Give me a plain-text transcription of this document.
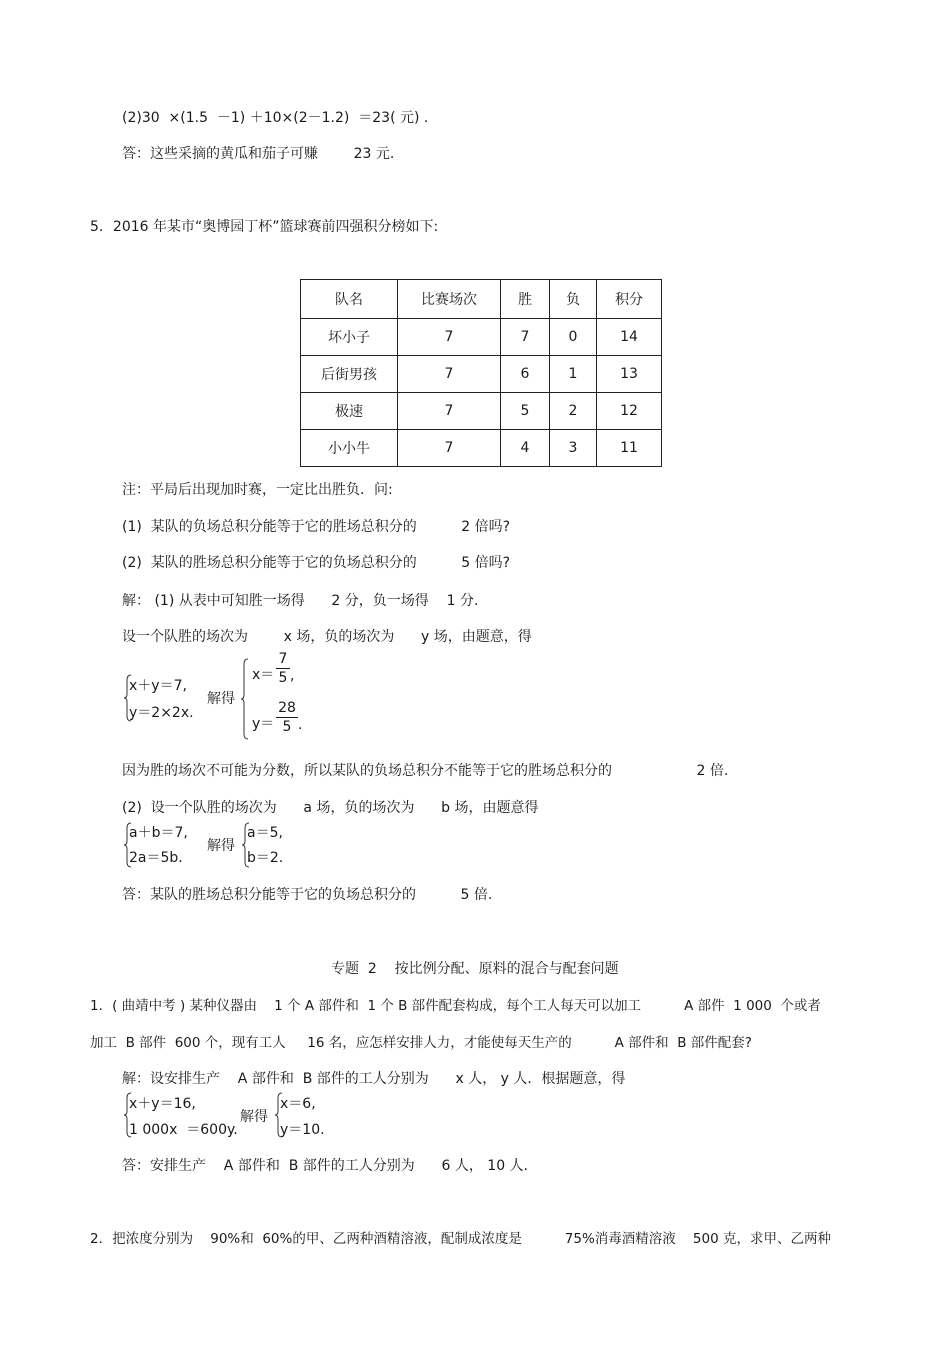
(2)30  ×(1.5  －1) ＋10×(2－1.2)  ＝23( 元) .
答：这些采摘的黄瓜和茄子可赚        23 元.
5．2016 年某市“奥博园丁杯”篮球赛前四强积分榜如下:
队名	比赛场次	胜	负	积分
坏小子	7	7	0	14
后街男孩	7	6	1	13
极速	7	5	2	12
小小牛	7	4	3	11
注：平局后出现加时赛，一定比出胜负．问:
(1)  某队的负场总积分能等于它的胜场总积分的          2 倍吗?
(2)  某队的胜场总积分能等于它的负场总积分的          5 倍吗?
解： (1) 从表中可知胜一场得      2 分，负一场得    1 分.
设一个队胜的场次为        x 场，负的场次为      y 场，由题意，得
x＋y＝7,
y＝2×2x.
解得
x＝
7
5 ,
y＝
28
5 .
因为胜的场次不可能为分数，所以某队的负场总积分不能等于它的胜场总积分的                   2 倍.
(2)  设一个队胜的场次为      a 场，负的场次为      b 场，由题意得
a＋b＝7,
2a＝5b.
解得
a＝5,
b＝2.
答：某队的胜场总积分能等于它的负场总积分的          5 倍.
专题  2    按比例分配、原料的混合与配套问题
1．( 曲靖中考 ) 某种仪器由    1 个 A 部件和  1 个 B 部件配套构成，每个工人每天可以加工          A 部件  1 000  个或者
加工  B 部件  600 个，现有工人     16 名，应怎样安排人力，才能使每天生产的          A 部件和  B 部件配套?
解：设安排生产    A 部件和  B 部件的工人分别为      x 人， y 人．根据题意，得
x＋y＝16,
1 000x  ＝600y.
解得
x＝6,
y＝10.
答：安排生产    A 部件和  B 部件的工人分别为      6 人， 10 人.
2．把浓度分别为    90%和  60%的甲、乙两种酒精溶液，配制成浓度是          75%消毒酒精溶液    500 克，求甲、乙两种
